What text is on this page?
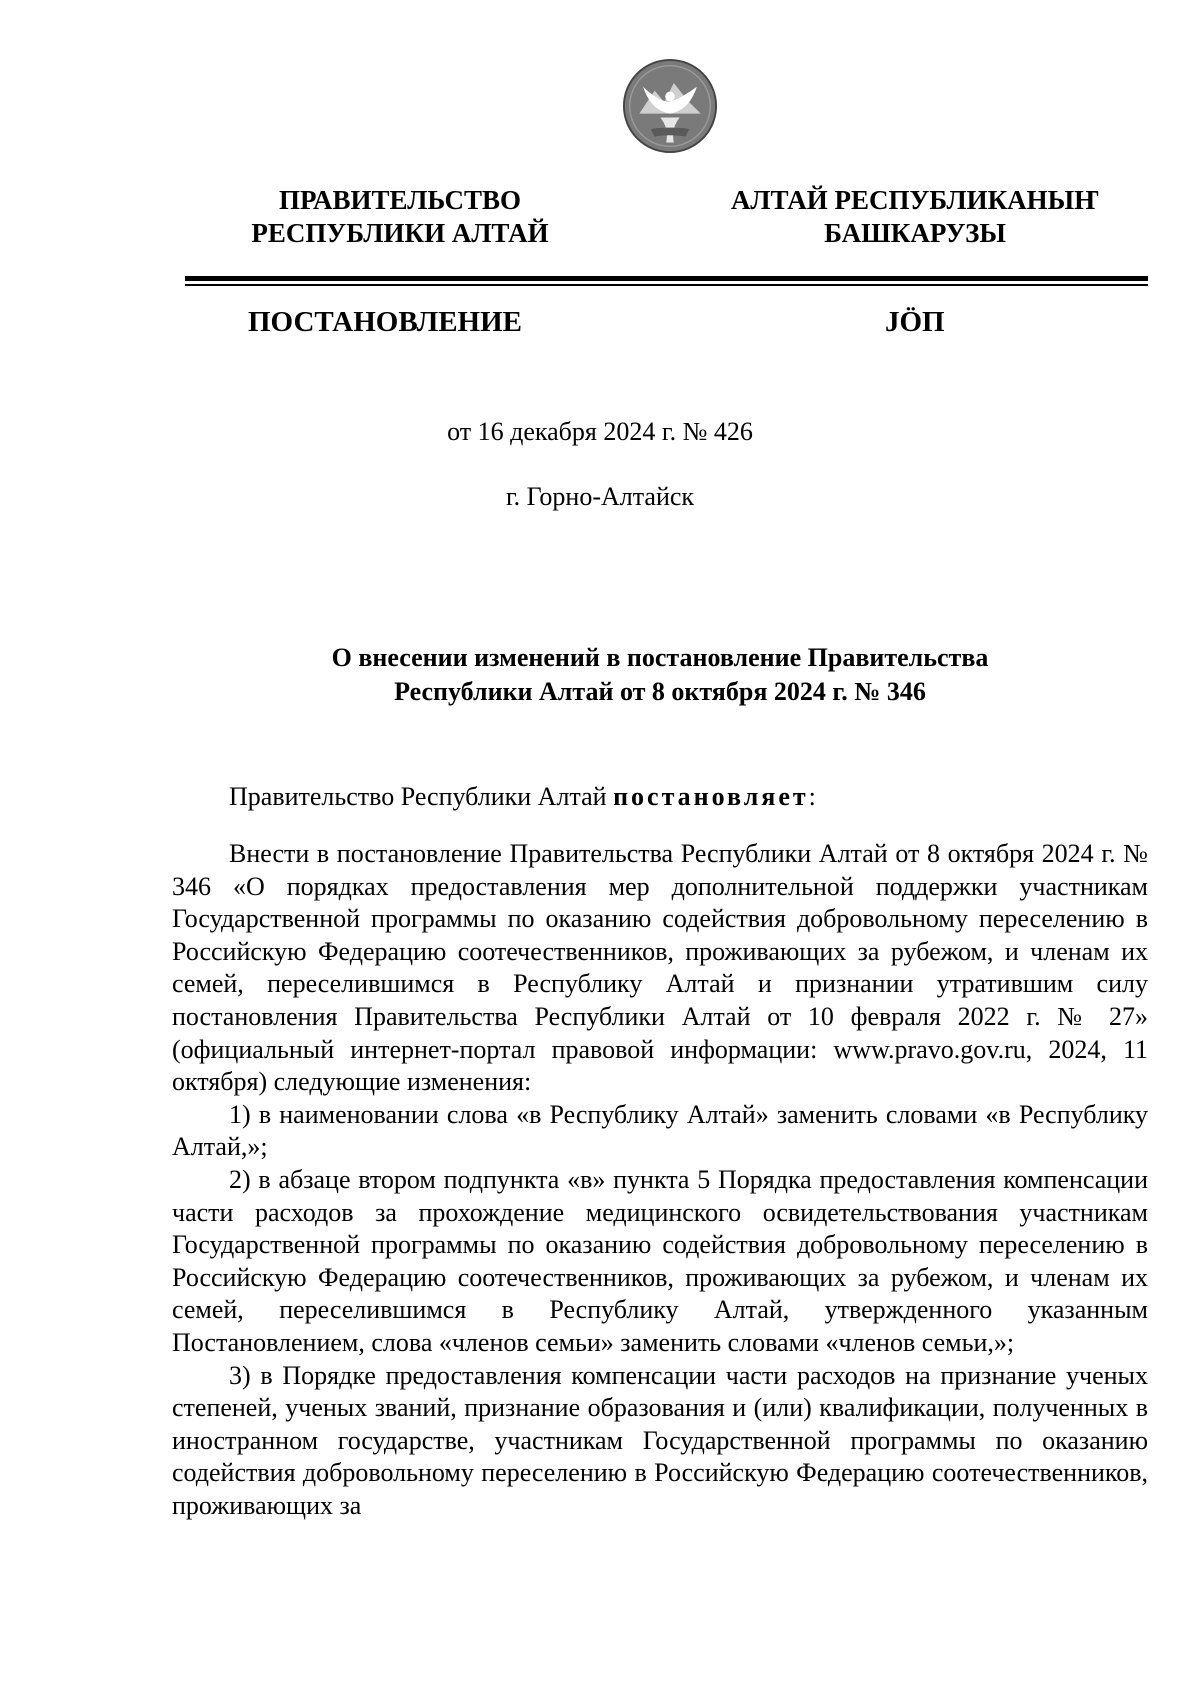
ПРАВИТЕЛЬСТВО
РЕСПУБЛИКИ АЛТАЙ
АЛТАЙ РЕСПУБЛИКАНЫҤ
БАШКАРУЗЫ
ПОСТАНОВЛЕНИЕ	JӦП
от 16 декабря 2024 г. № 426
г. Горно-Алтайск
О внесении изменений в постановление Правительства
Республики Алтай от 8 октября 2024 г. № 346
Правительство Республики Алтай постановляет:

Внести в постановление Правительства Республики Алтай от 8 октября 2024 г. № 346 «О порядках предоставления мер дополнительной поддержки участникам Государственной программы по оказанию содействия добровольному переселению в Российскую Федерацию соотечественников, проживающих за рубежом, и членам их семей, переселившимся в Республику Алтай и признании утратившим силу постановления Правительства Республики Алтай от 10 февраля 2022 г. № 27» (официальный интернет-портал правовой информации: www.pravo.gov.ru, 2024, 11 октября) следующие изменения:

1) в наименовании слова «в Республику Алтай» заменить словами «в Республику Алтай,»;

2) в абзаце втором подпункта «в» пункта 5 Порядка предоставления компенсации части расходов за прохождение медицинского освидетельствования участникам Государственной программы по оказанию содействия добровольному переселению в Российскую Федерацию соотечественников, проживающих за рубежом, и членам их семей, переселившимся в Республику Алтай, утвержденного указанным Постановлением, слова «членов семьи» заменить словами «членов семьи,»;

3) в Порядке предоставления компенсации части расходов на признание ученых степеней, ученых званий, признание образования и (или) квалификации, полученных в иностранном государстве, участникам Государственной программы по оказанию содействия добровольному переселению в Российскую Федерацию соотечественников, проживающих за
